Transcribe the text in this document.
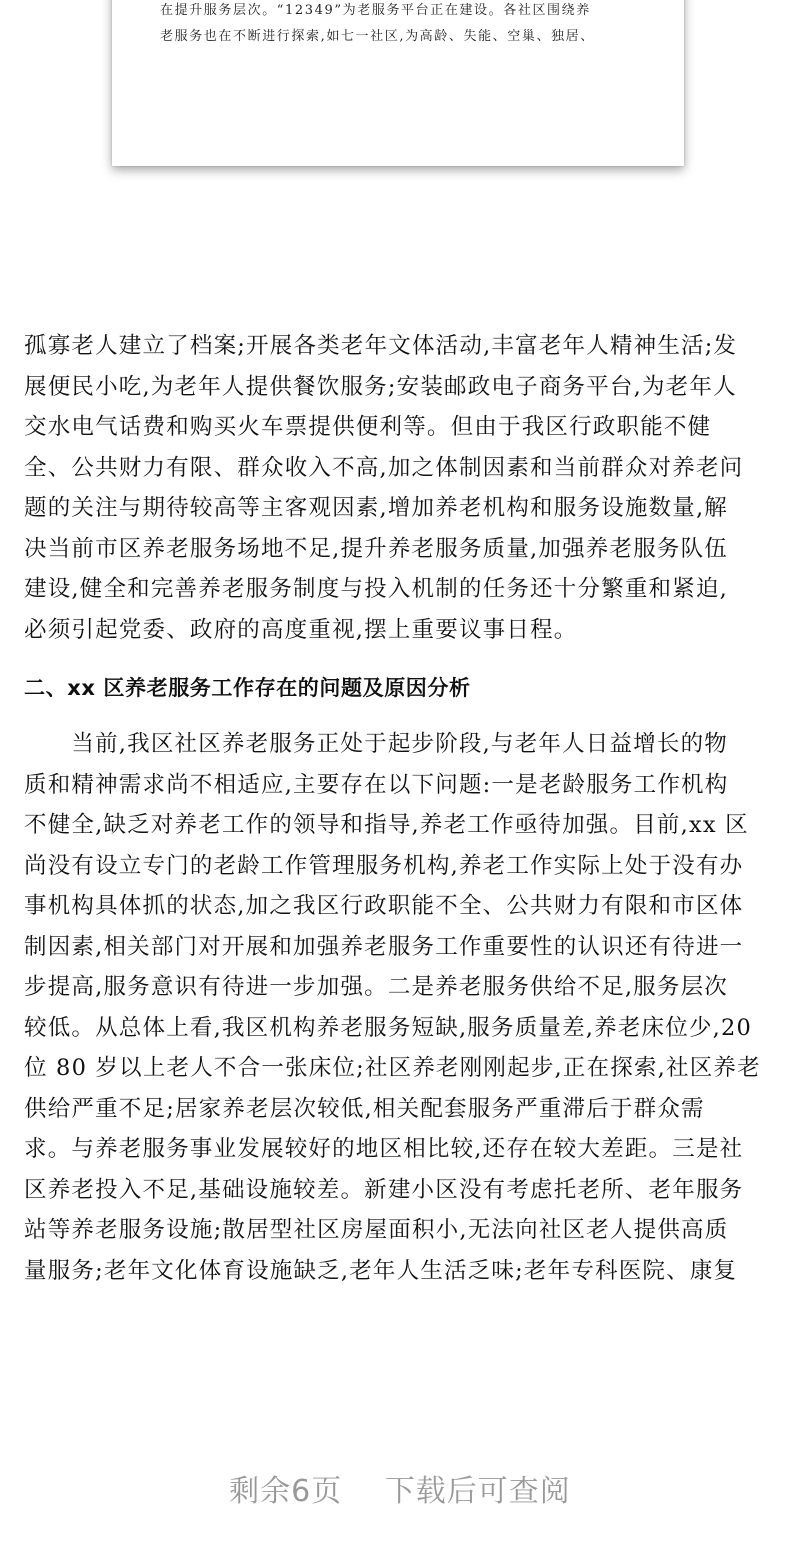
在提升服务层次。“12349”为老服务平台正在建设。各社区围绕养
老服务也在不断进行探索,如七一社区,为高龄、失能、空巢、独居、
孤寡老人建立了档案;开展各类老年文体活动,丰富老年人精神生活;发
展便民小吃,为老年人提供餐饮服务;安装邮政电子商务平台,为老年人
交水电气话费和购买火车票提供便利等。但由于我区行政职能不健
全、公共财力有限、群众收入不高,加之体制因素和当前群众对养老问
题的关注与期待较高等主客观因素,增加养老机构和服务设施数量,解
决当前市区养老服务场地不足,提升养老服务质量,加强养老服务队伍
建设,健全和完善养老服务制度与投入机制的任务还十分繁重和紧迫,
必须引起党委、政府的高度重视,摆上重要议事日程。
二、xx 区养老服务工作存在的问题及原因分析
　　当前,我区社区养老服务正处于起步阶段,与老年人日益增长的物
质和精神需求尚不相适应,主要存在以下问题:一是老龄服务工作机构
不健全,缺乏对养老工作的领导和指导,养老工作亟待加强。目前,xx 区
尚没有设立专门的老龄工作管理服务机构,养老工作实际上处于没有办
事机构具体抓的状态,加之我区行政职能不全、公共财力有限和市区体
制因素,相关部门对开展和加强养老服务工作重要性的认识还有待进一
步提高,服务意识有待进一步加强。二是养老服务供给不足,服务层次
较低。从总体上看,我区机构养老服务短缺,服务质量差,养老床位少,20
位 80 岁以上老人不合一张床位;社区养老刚刚起步,正在探索,社区养老
供给严重不足;居家养老层次较低,相关配套服务严重滞后于群众需
求。与养老服务事业发展较好的地区相比较,还存在较大差距。三是社
区养老投入不足,基础设施较差。新建小区没有考虑托老所、老年服务
站等养老服务设施;散居型社区房屋面积小,无法向社区老人提供高质
量服务;老年文化体育设施缺乏,老年人生活乏味;老年专科医院、康复
剩余6页 下载后可查阅
